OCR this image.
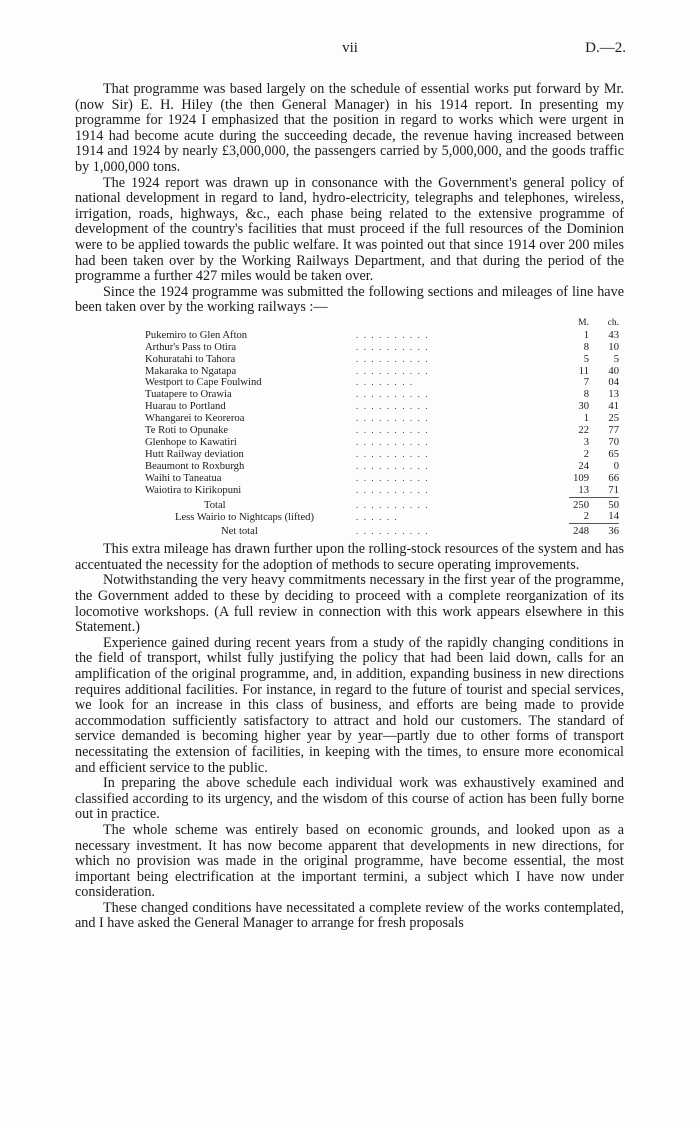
vii	D.—2.

That programme was based largely on the schedule of essential works put forward by Mr. (now Sir) E. H. Hiley (the then General Manager) in his 1914 report. In presenting my programme for 1924 I emphasized that the position in regard to works which were urgent in 1914 had become acute during the succeeding decade, the revenue having increased between 1914 and 1924 by nearly £3,000,000, the passengers carried by 5,000,000, and the goods traffic by 1,000,000 tons.

The 1924 report was drawn up in consonance with the Government's general policy of national development in regard to land, hydro-electricity, telegraphs and telephones, wireless, irrigation, roads, highways, &c., each phase being related to the extensive programme of development of the country's facilities that must proceed if the full resources of the Dominion were to be applied towards the public welfare. It was pointed out that since 1914 over 200 miles had been taken over by the Working Railways Department, and that during the period of the programme a further 427 miles would be taken over.

Since the 1924 programme was submitted the following sections and mileages of line have been taken over by the working railways :—

		M.	ch.
Pukemiro to Glen Afton	. . . . . . . . . .	1	43
Arthur's Pass to Otira	. . . . . . . . . .	8	10
Kohuratahi to Tahora	. . . . . . . . . .	5	5
Makaraka to Ngatapa	. . . . . . . . . .	11	40
Westport to Cape Foulwind	. . . . . . . .	7	04
Tuatapere to Orawia	. . . . . . . . . .	8	13
Huarau to Portland	. . . . . . . . . .	30	41
Whangarei to Keorerоа	. . . . . . . . . .	1	25
Te Roti to Opunake	. . . . . . . . . .	22	77
Glenhope to Kawatiri	. . . . . . . . . .	3	70
Hutt Railway deviation	. . . . . . . . . .	2	65
Beaumont to Roxburgh	. . . . . . . . . .	24	0
Waihi to Taneatua	. . . . . . . . . .	109	66
Waiotira to Kirikopuni	. . . . . . . . . .	13	71

Total	. . . . . . . . . .	250	50
Less Wairio to Nightcaps (lifted)	. . . . . .	2	14

Net total	. . . . . . . . . .	248	36

This extra mileage has drawn further upon the rolling-stock resources of the system and has accentuated the necessity for the adoption of methods to secure operating improvements.

Notwithstanding the very heavy commitments necessary in the first year of the programme, the Government added to these by deciding to proceed with a complete reorganization of its locomotive workshops. (A full review in connection with this work appears elsewhere in this Statement.)

Experience gained during recent years from a study of the rapidly changing conditions in the field of transport, whilst fully justifying the policy that had been laid down, calls for an amplification of the original programme, and, in addition, expanding business in new directions requires additional facilities. For instance, in regard to the future of tourist and special services, we look for an increase in this class of business, and efforts are being made to provide accommodation sufficiently satisfactory to attract and hold our customers. The standard of service demanded is becoming higher year by year—partly due to other forms of transport necessitating the extension of facilities, in keeping with the times, to ensure more economical and efficient service to the public.

In preparing the above schedule each individual work was exhaustively examined and classified according to its urgency, and the wisdom of this course of action has been fully borne out in practice.

The whole scheme was entirely based on economic grounds, and looked upon as a necessary investment. It has now become apparent that developments in new directions, for which no provision was made in the original programme, have become essential, the most important being electrification at the important termini, a subject which I have now under consideration.

These changed conditions have necessitated a complete review of the works contemplated, and I have asked the General Manager to arrange for fresh proposals
